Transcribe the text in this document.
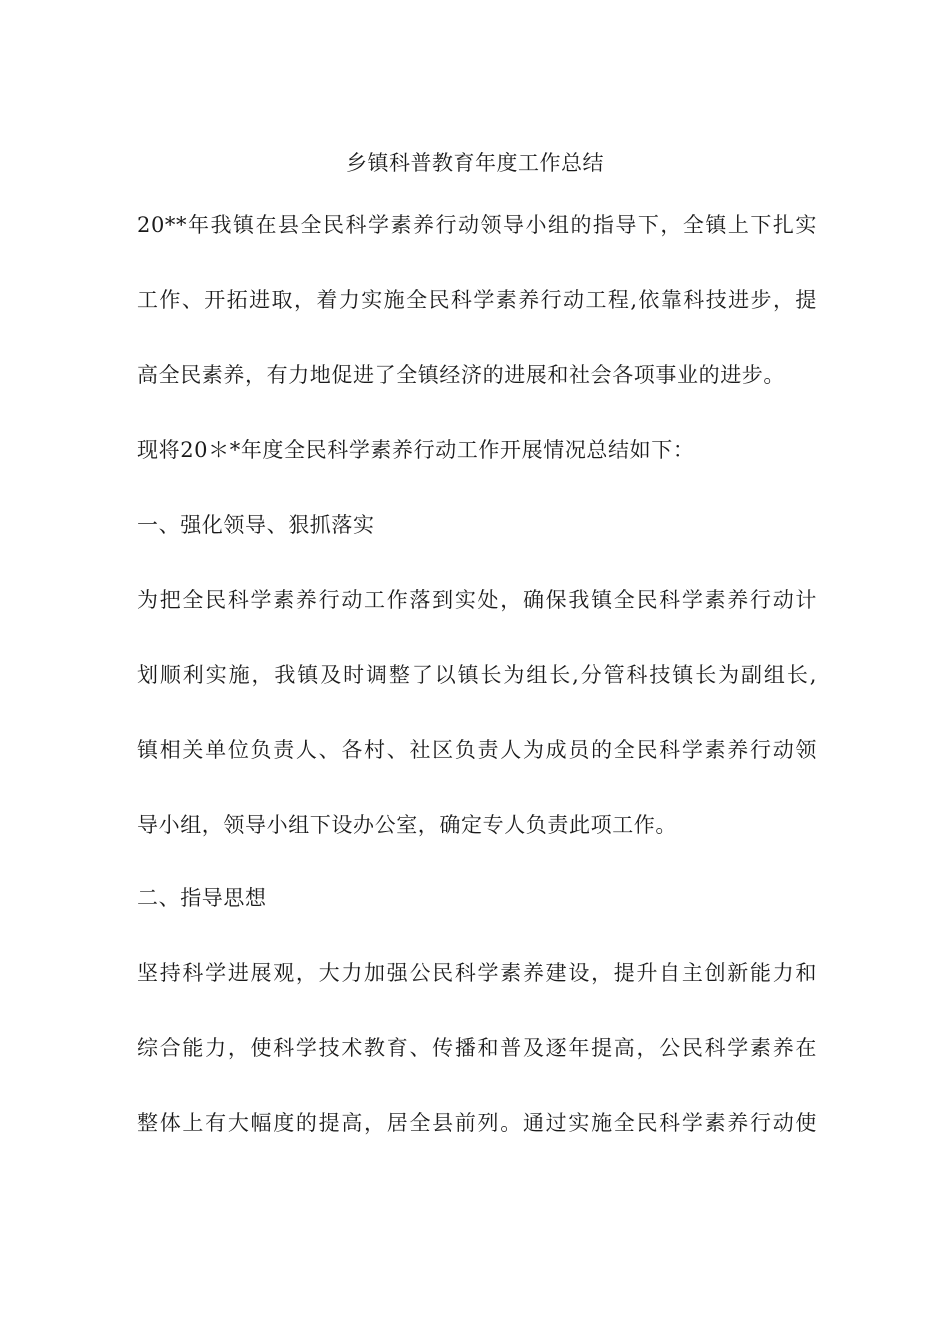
乡镇科普教育年度工作总结
20**年我镇在县全民科学素养行动领导小组的指导下，全镇上下扎实
工作、开拓进取，着力实施全民科学素养行动工程,依靠科技进步，提
高全民素养，有力地促进了全镇经济的进展和社会各项事业的进步。
现将20＊*年度全民科学素养行动工作开展情况总结如下：
一、强化领导、狠抓落实
为把全民科学素养行动工作落到实处，确保我镇全民科学素养行动计
划顺利实施，我镇及时调整了以镇长为组长,分管科技镇长为副组长,
镇相关单位负责人、各村、社区负责人为成员的全民科学素养行动领
导小组，领导小组下设办公室，确定专人负责此项工作。
二、指导思想
坚持科学进展观，大力加强公民科学素养建设，提升自主创新能力和
综合能力，使科学技术教育、传播和普及逐年提高，公民科学素养在
整体上有大幅度的提高，居全县前列。通过实施全民科学素养行动使
